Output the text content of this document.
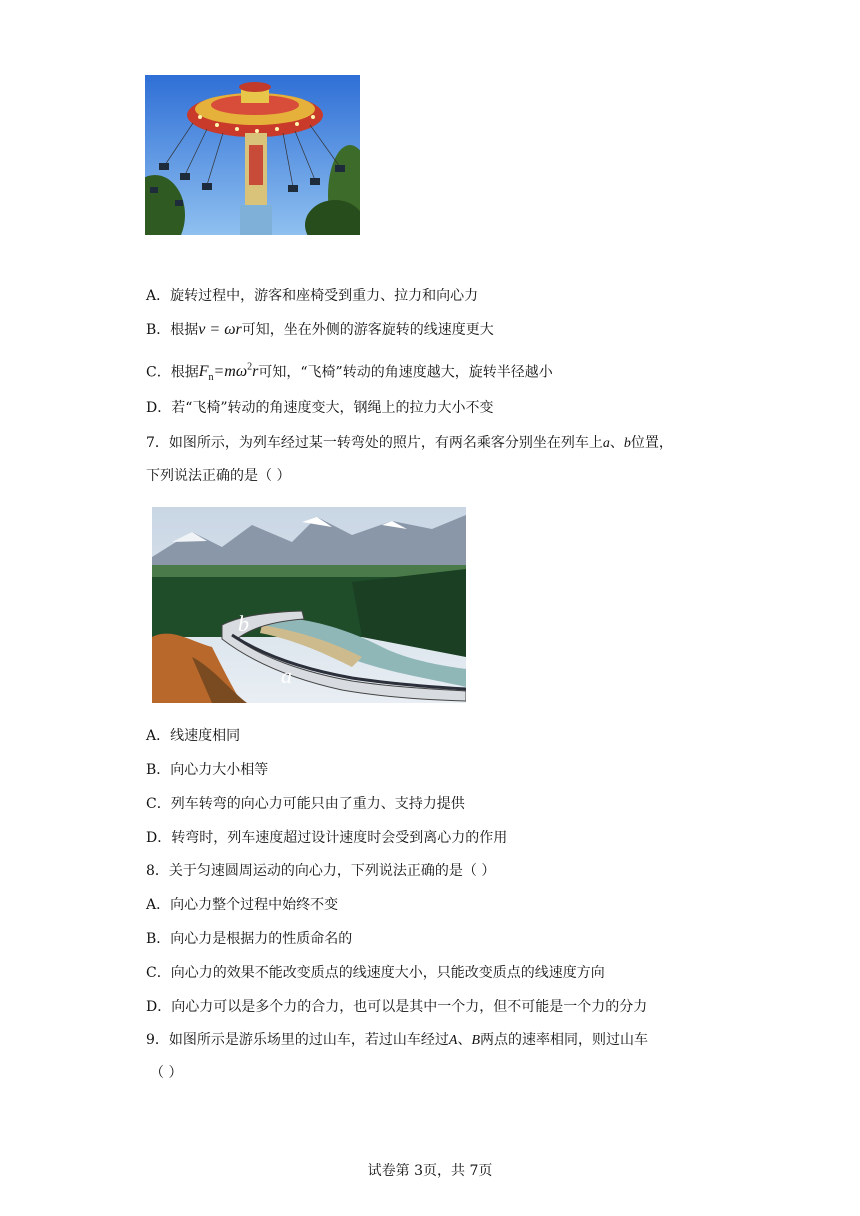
A．旋转过程中，游客和座椅受到重力、拉力和向心力
B．根据v = ωr可知，坐在外侧的游客旋转的线速度更大
C．根据$F_n=m\omega^2r$可知，“飞椅”转动的角速度越大，旋转半径越小
D．若“飞椅”转动的角速度变大，钢绳上的拉力大小不变
7．如图所示，为列车经过某一转弯处的照片，有两名乘客分别坐在列车上a、b位置，
下列说法正确的是（ ）
b
a
A．线速度相同
B．向心力大小相等
C．列车转弯的向心力可能只由了重力、支持力提供
D．转弯时，列车速度超过设计速度时会受到离心力的作用
8．关于匀速圆周运动的向心力，下列说法正确的是（ ）
A．向心力整个过程中始终不变
B．向心力是根据力的性质命名的
C．向心力的效果不能改变质点的线速度大小，只能改变质点的线速度方向
D．向心力可以是多个力的合力，也可以是其中一个力，但不可能是一个力的分力
9．如图所示是游乐场里的过山车，若过山车经过A、B两点的速率相同，则过山车
（ ）
试卷第 3页，共 7页
